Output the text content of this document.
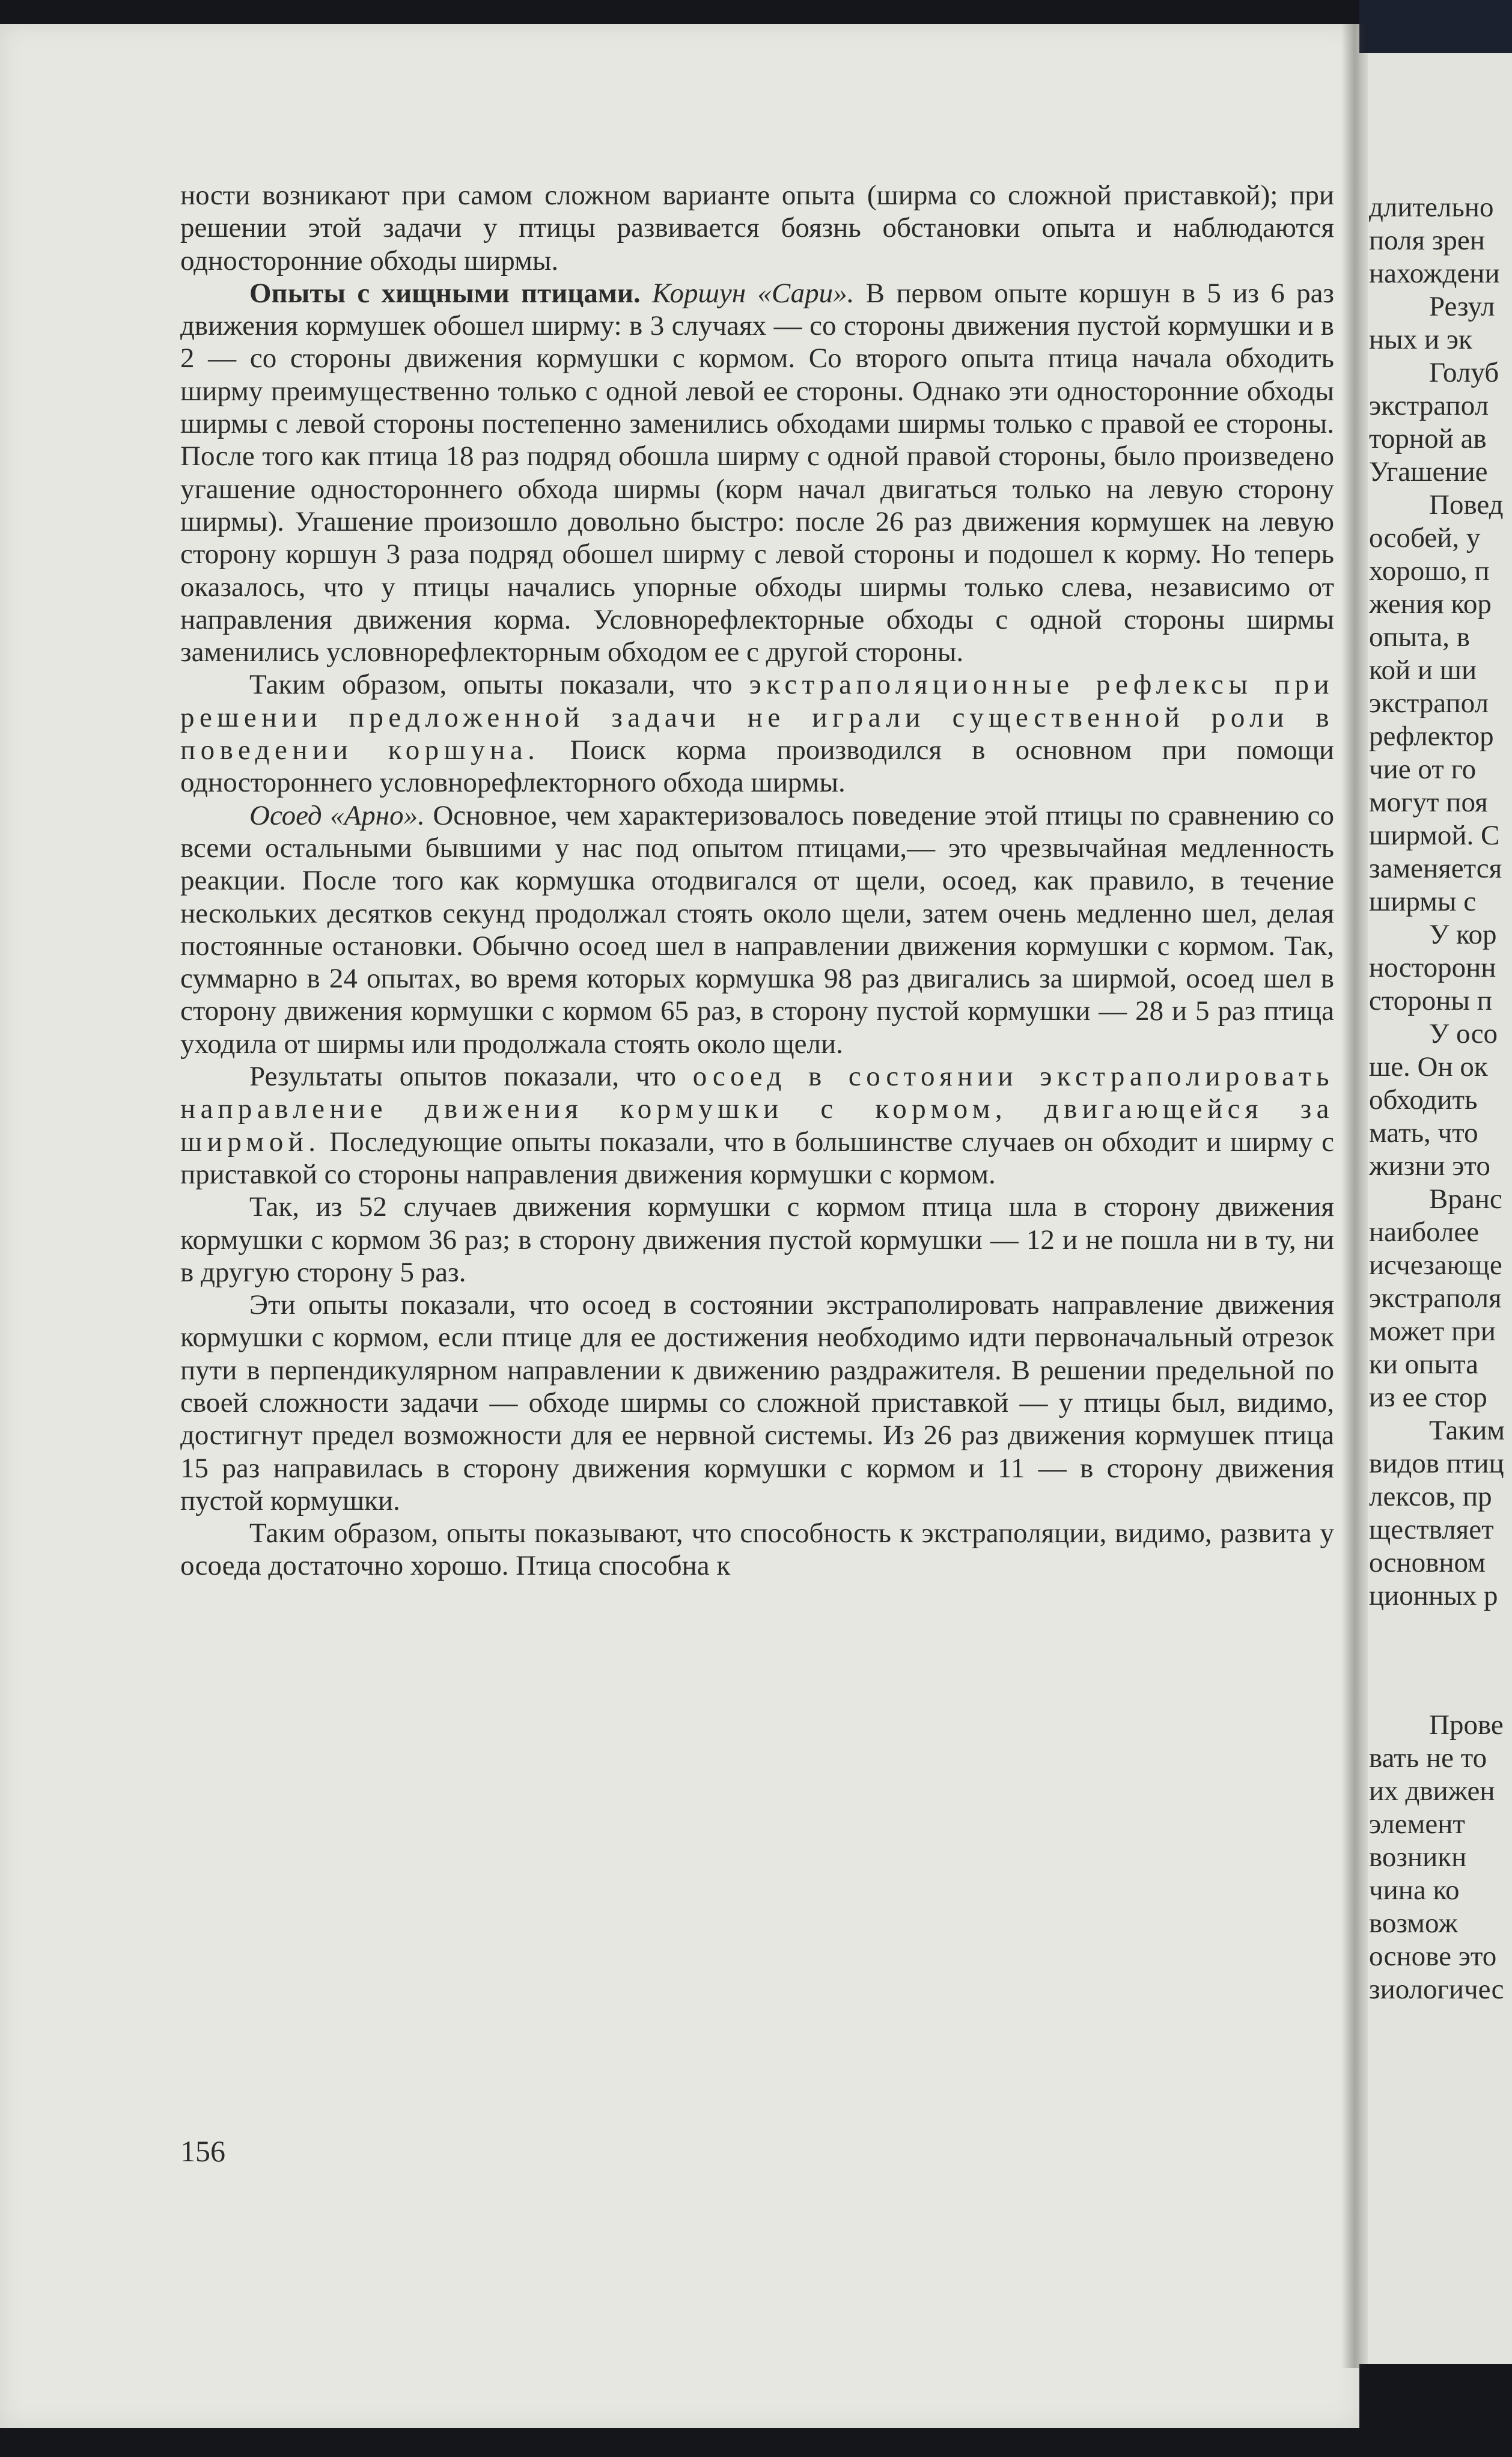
ности возникают при самом сложном варианте опыта (ширма со сложной приставкой); при решении этой задачи у птицы развивается боязнь обстановки опыта и наблюдаются односторонние обходы ширмы.

Опыты с хищными птицами. Коршун «Сари». В первом опыте коршун в 5 из 6 раз движения кормушек обошел ширму: в 3 случаях — со стороны движения пустой кормушки и в 2 — со стороны движения кормушки с кормом. Со второго опыта птица начала обходить ширму преимущественно только с одной левой ее стороны. Однако эти односторонние обходы ширмы с левой стороны постепенно заменились обходами ширмы только с правой ее стороны. После того как птица 18 раз подряд обошла ширму с одной правой стороны, было произведено угашение одностороннего обхода ширмы (корм начал двигаться только на левую сторону ширмы). Угашение произошло довольно быстро: после 26 раз движения кормушек на левую сторону коршун 3 раза подряд обошел ширму с левой стороны и подошел к корму. Но теперь оказалось, что у птицы начались упорные обходы ширмы только слева, независимо от направления движения корма. Условнорефлекторные обходы с одной стороны ширмы заменились условнорефлекторным обходом ее с другой стороны.

Таким образом, опыты показали, что экстраполяционные рефлексы при решении предложенной задачи не играли существенной роли в поведении коршуна. Поиск корма производился в основном при помощи одностороннего условнорефлекторного обхода ширмы.

Осоед «Арно». Основное, чем характеризовалось поведение этой птицы по сравнению со всеми остальными бывшими у нас под опытом птицами,— это чрезвычайная медленность реакции. После того как кормушка отодвигался от щели, осоед, как правило, в течение нескольких десятков секунд продолжал стоять около щели, затем очень медленно шел, делая постоянные остановки. Обычно осоед шел в направлении движения кормушки с кормом. Так, суммарно в 24 опытах, во время которых кормушка 98 раз двигались за ширмой, осоед шел в сторону движения кормушки с кормом 65 раз, в сторону пустой кормушки — 28 и 5 раз птица уходила от ширмы или продолжала стоять около щели.

Результаты опытов показали, что осоед в состоянии экстраполировать направление движения кормушки с кормом, двигающейся за ширмой. Последующие опыты показали, что в большинстве случаев он обходит и ширму с приставкой со стороны направления движения кормушки с кормом.

Так, из 52 случаев движения кормушки с кормом птица шла в сторону движения кормушки с кормом 36 раз; в сторону движения пустой кормушки — 12 и не пошла ни в ту, ни в другую сторону 5 раз.

Эти опыты показали, что осоед в состоянии экстраполировать направление движения кормушки с кормом, если птице для ее достижения необходимо идти первоначальный отрезок пути в перпендикулярном направлении к движению раздражителя. В решении предельной по своей сложности задачи — обходе ширмы со сложной приставкой — у птицы был, видимо, достигнут предел возможности для ее нервной системы. Из 26 раз движения кормушек птица 15 раз направилась в сторону движения кормушки с кормом и 11 — в сторону движения пустой кормушки.

Таким образом, опыты показывают, что способность к экстраполяции, видимо, развита у осоеда достаточно хорошо. Птица способна к

156
длительно
поля зрен
нахождени
Резул
ных и эк
Голуб
экстрапол
торной ав
Угашение
Повед
особей, у
хорошо, п
жения кор
опыта, в
кой и ши
экстрапол
рефлектор
чие от го
могут поя
ширмой. С
заменяется
ширмы с
У кор
носторонн
стороны п
У осо
ше. Он ок
обходить
мать, что
жизни это
Вранс
наиболее
исчезающе
экстраполя
может при
ки опыта
из ее стор
Таким
видов птиц
лексов, пр
ществляет
основном
ционных р
Прове
вать не то
их движен
элемент
возникн
чина ко
возмож
основе это
зиологичес
